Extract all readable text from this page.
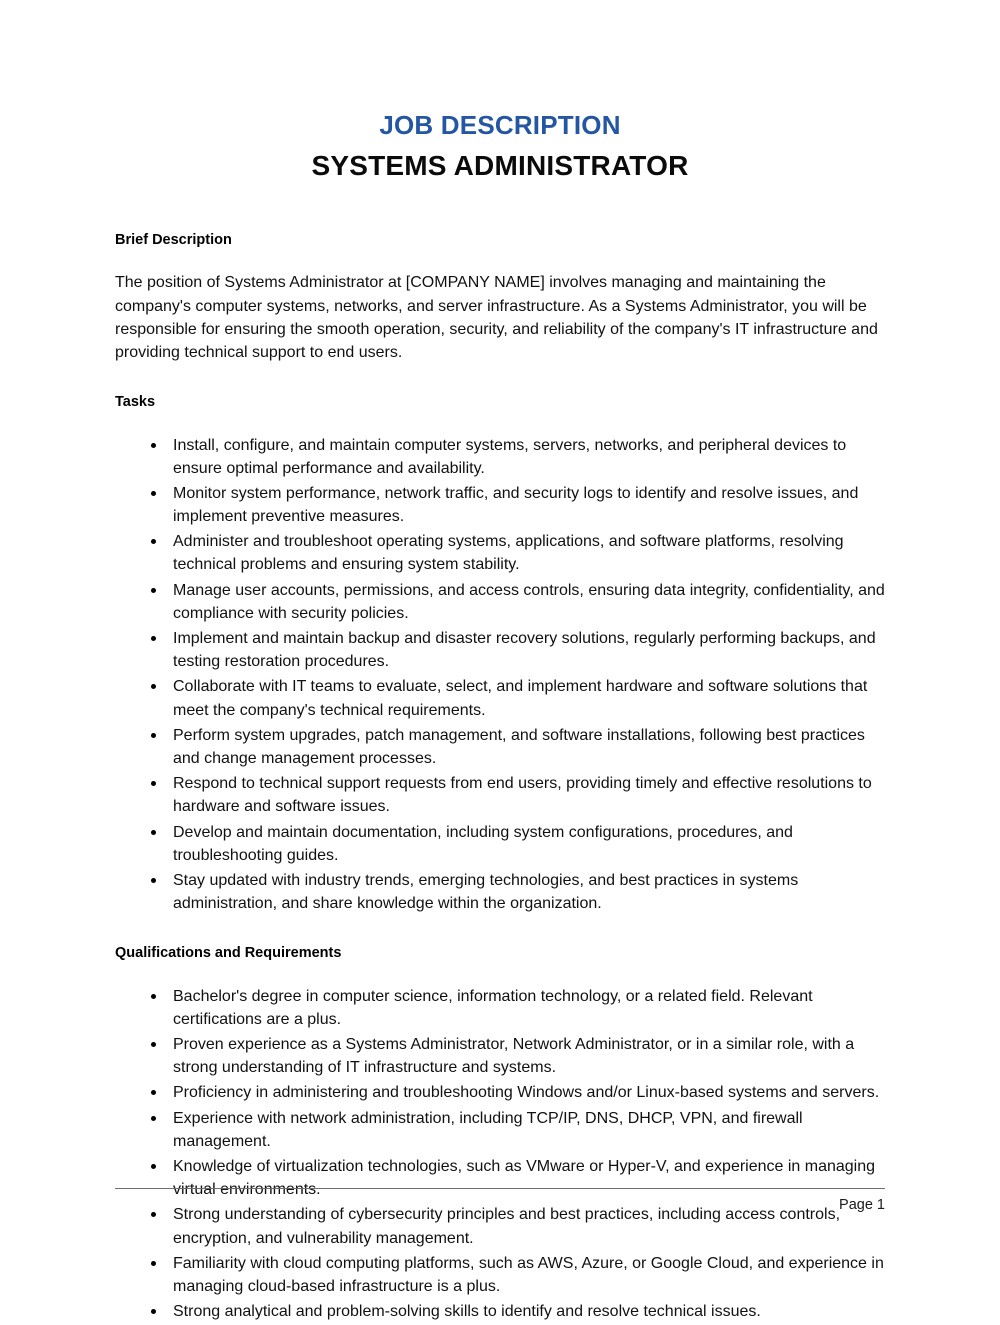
JOB DESCRIPTION
SYSTEMS ADMINISTRATOR
Brief Description

The position of Systems Administrator at [COMPANY NAME] involves managing and maintaining the company's computer systems, networks, and server infrastructure. As a Systems Administrator, you will be responsible for ensuring the smooth operation, security, and reliability of the company's IT infrastructure and providing technical support to end users.

Tasks
Install, configure, and maintain computer systems, servers, networks, and peripheral devices to ensure optimal performance and availability.
Monitor system performance, network traffic, and security logs to identify and resolve issues, and implement preventive measures.
Administer and troubleshoot operating systems, applications, and software platforms, resolving technical problems and ensuring system stability.
Manage user accounts, permissions, and access controls, ensuring data integrity, confidentiality, and compliance with security policies.
Implement and maintain backup and disaster recovery solutions, regularly performing backups, and testing restoration procedures.
Collaborate with IT teams to evaluate, select, and implement hardware and software solutions that meet the company's technical requirements.
Perform system upgrades, patch management, and software installations, following best practices and change management processes.
Respond to technical support requests from end users, providing timely and effective resolutions to hardware and software issues.
Develop and maintain documentation, including system configurations, procedures, and troubleshooting guides.
Stay updated with industry trends, emerging technologies, and best practices in systems administration, and share knowledge within the organization.
Qualifications and Requirements
Bachelor's degree in computer science, information technology, or a related field. Relevant certifications are a plus.
Proven experience as a Systems Administrator, Network Administrator, or in a similar role, with a strong understanding of IT infrastructure and systems.
Proficiency in administering and troubleshooting Windows and/or Linux-based systems and servers.
Experience with network administration, including TCP/IP, DNS, DHCP, VPN, and firewall management.
Knowledge of virtualization technologies, such as VMware or Hyper-V, and experience in managing virtual environments.
Strong understanding of cybersecurity principles and best practices, including access controls, encryption, and vulnerability management.
Familiarity with cloud computing platforms, such as AWS, Azure, or Google Cloud, and experience in managing cloud-based infrastructure is a plus.
Strong analytical and problem-solving skills to identify and resolve technical issues.
Page 1
